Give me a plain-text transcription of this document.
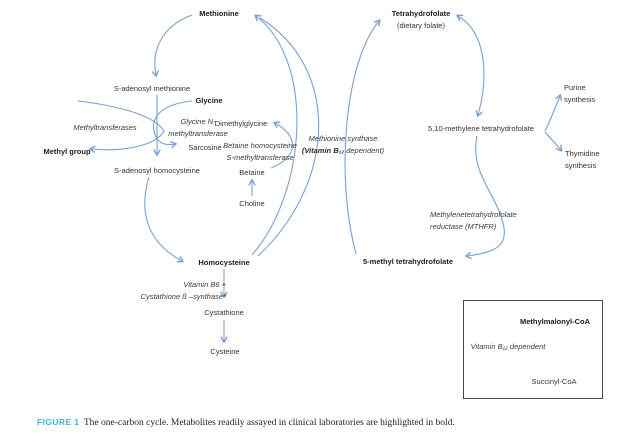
Methionine	Tetrahydrofolate
(dietary folate)
S-adenosyl methionine
Glycine
Methyltransferases
Glycine N-
methyltransferase
Dimethylglycine
Methyl group	Sarcosine Betaine homocysteine
S-methyltransferase
Methionine synthase
(Vitamin B₁₂ dependent)
S-adenosyl homocysteine	Betaine
Choline
5,10-methylene tetrahydrofolate
Purine
synthesis
Thymidine
synthesis
Methylenetetrahydrofolate
reductase (MTHFR)
Homocysteine	5-methyl tetrahydrofolate
Vitamin B6 +
Cystathione ß –synthase*
Cystathione
Cysteine
Methylmalonyl-CoA
Vitamin B₁₂ dependent
Succinyl-CoA
FIGURE 1 The one-carbon cycle. Metabolites readily assayed in clinical laboratories are highlighted in bold.
